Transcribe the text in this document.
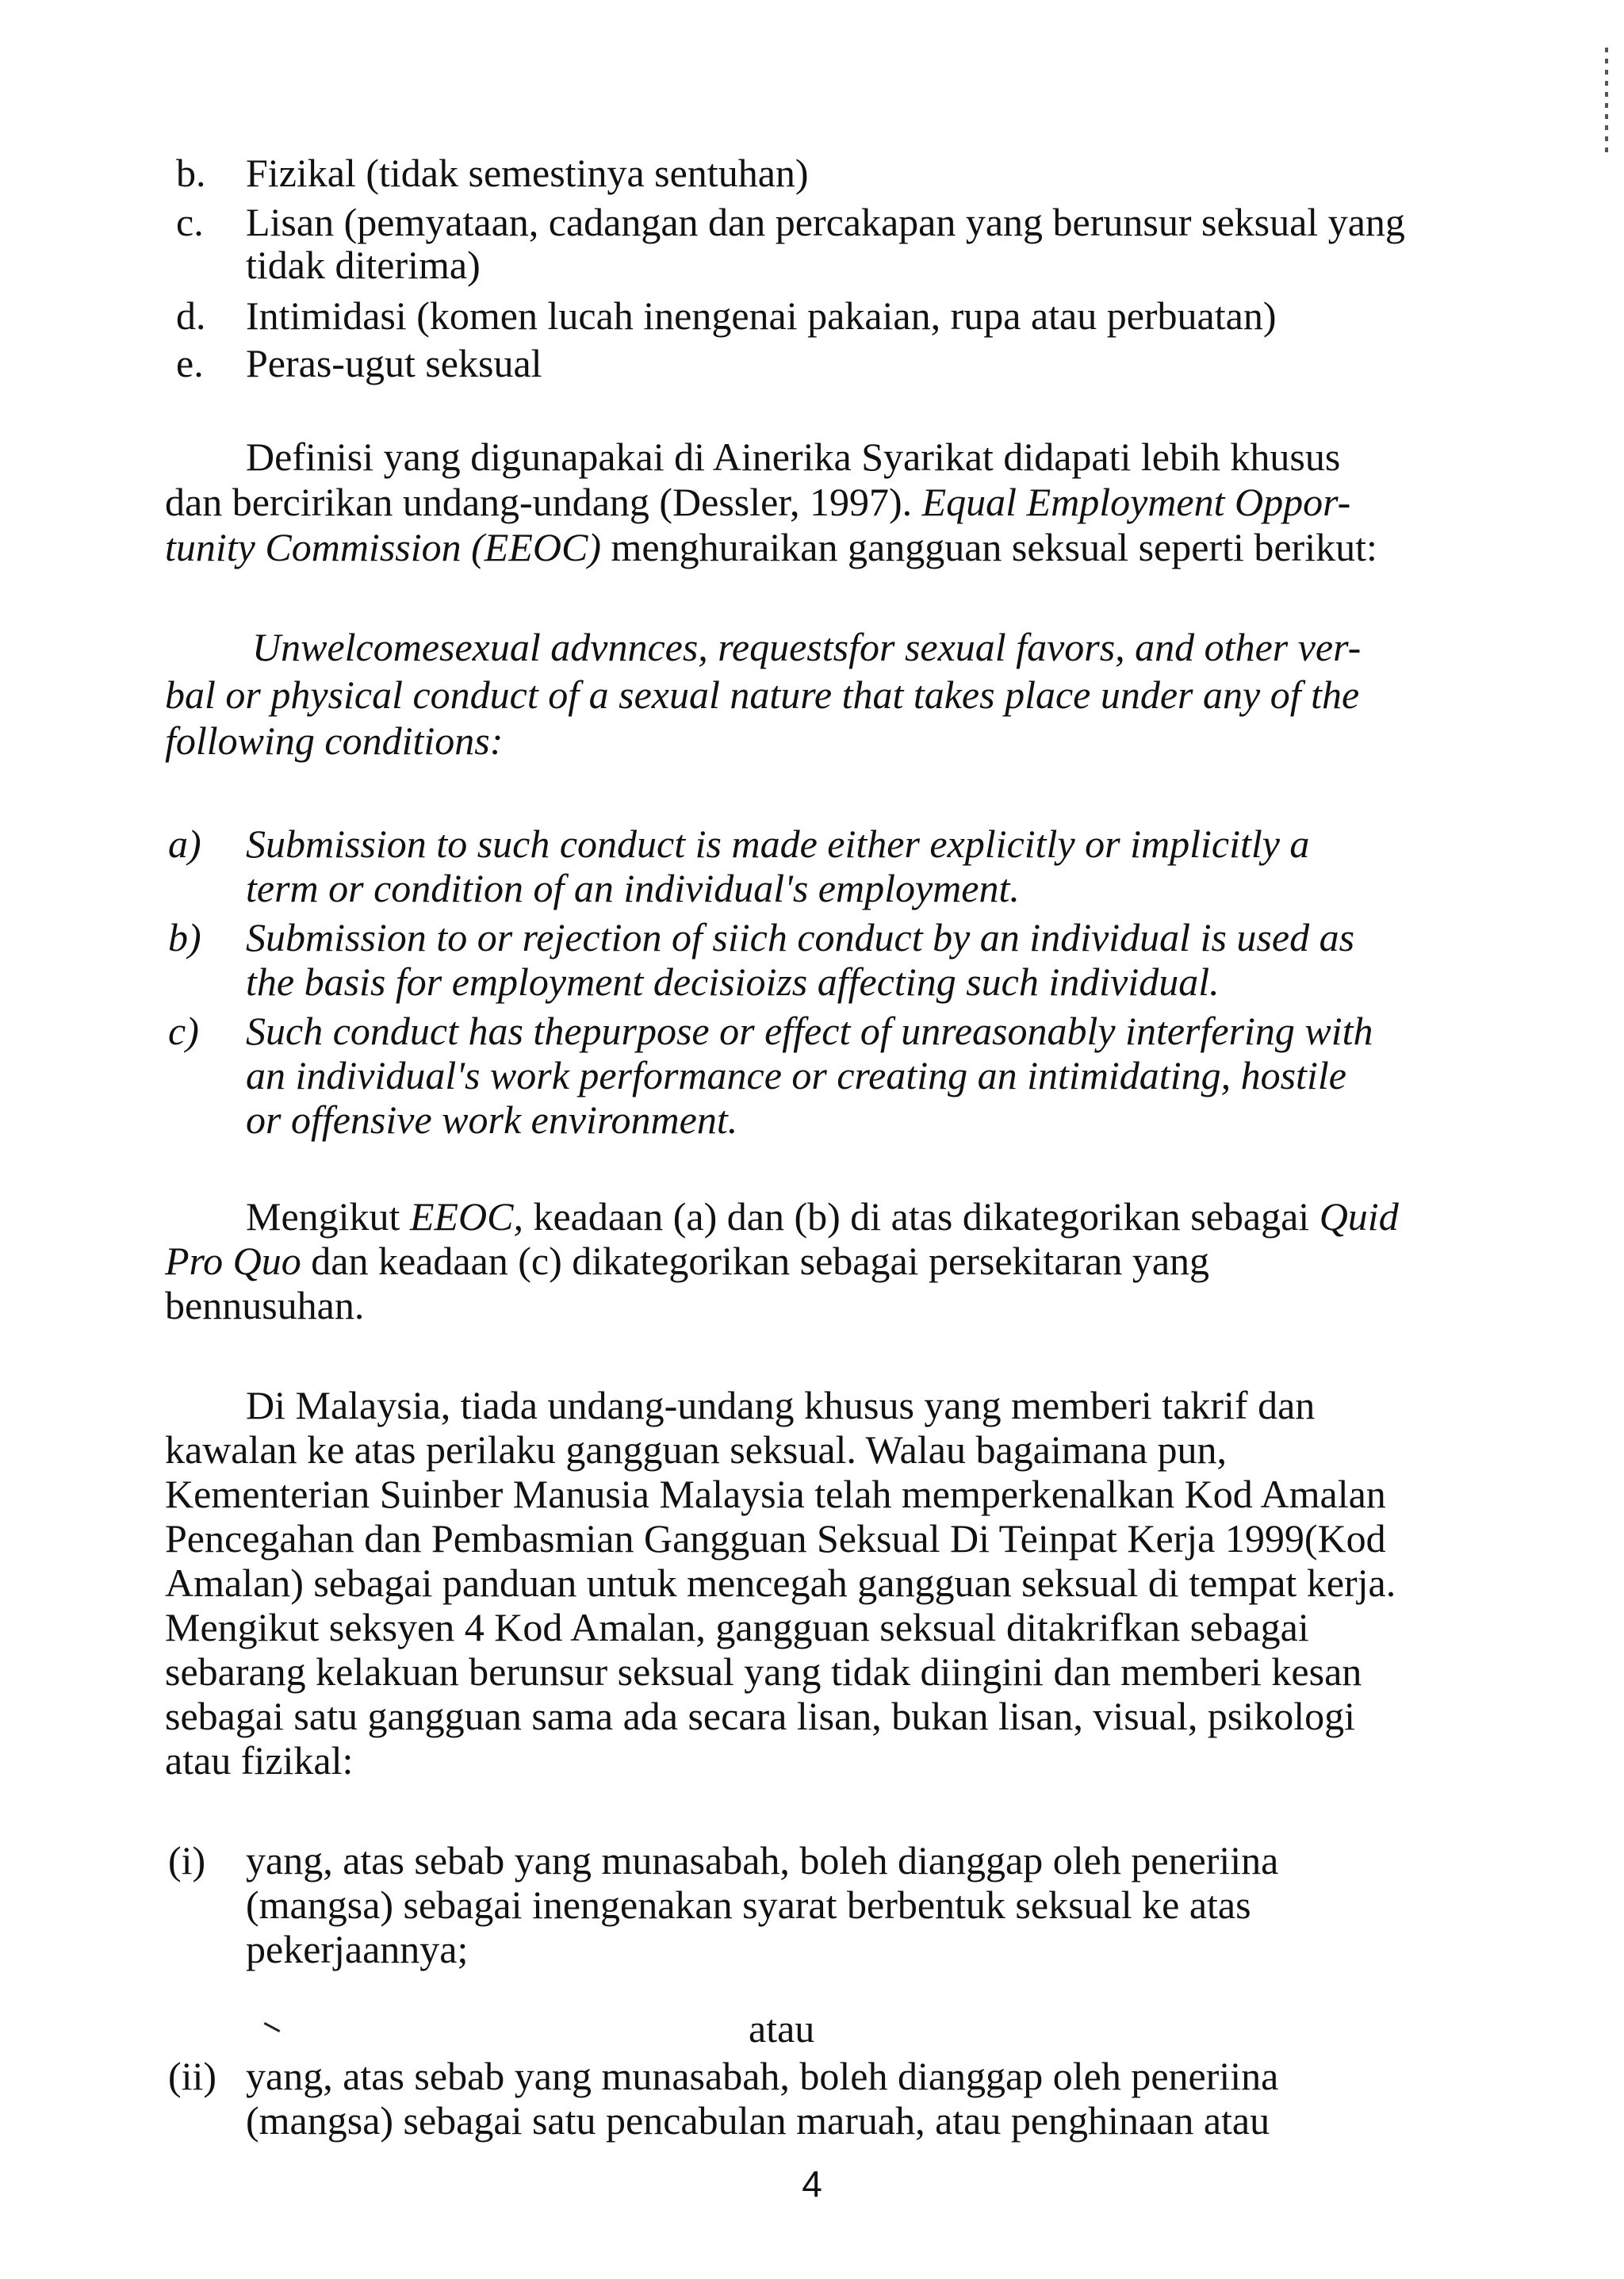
b. Fizikal (tidak semestinya sentuhan)
c. Lisan (pemyataan, cadangan dan percakapan yang berunsur seksual yang
tidak diterima)
d. Intimidasi (komen lucah inengenai pakaian, rupa atau perbuatan)
e. Peras-ugut seksual
Definisi yang digunapakai di Ainerika Syarikat didapati lebih khusus
dan bercirikan undang-undang (Dessler, 1997). Equal Employment Oppor-
tunity Commission (EEOC) menghuraikan gangguan seksual seperti berikut:
Unwelcomesexual advnnces, requestsfor sexual favors, and other ver-
bal or physical conduct of a sexual nature that takes place under any of the
following conditions:
a) Submission to such conduct is made either explicitly or implicitly a
term or condition of an individual's employment.
b) Submission to or rejection of siich conduct by an individual is used as
the basis for employment decisioizs affecting such individual.
c) Such conduct has thepurpose or effect of unreasonably interfering with
an individual's work performance or creating an intimidating, hostile
or offensive work environment.
Mengikut EEOC, keadaan (a) dan (b) di atas dikategorikan sebagai Quid
Pro Quo dan keadaan (c) dikategorikan sebagai persekitaran yang
bennusuhan.
Di Malaysia, tiada undang-undang khusus yang memberi takrif dan
kawalan ke atas perilaku gangguan seksual. Walau bagaimana pun,
Kementerian Suinber Manusia Malaysia telah memperkenalkan Kod Amalan
Pencegahan dan Pembasmian Gangguan Seksual Di Teinpat Kerja 1999(Kod
Amalan) sebagai panduan untuk mencegah gangguan seksual di tempat kerja.
Mengikut seksyen 4 Kod Amalan, gangguan seksual ditakrifkan sebagai
sebarang kelakuan berunsur seksual yang tidak diingini dan memberi kesan
sebagai satu gangguan sama ada secara lisan, bukan lisan, visual, psikologi
atau fizikal:
(i) yang, atas sebab yang munasabah, boleh dianggap oleh peneriina
(mangsa) sebagai inengenakan syarat berbentuk seksual ke atas
pekerjaannya;
atau
(ii) yang, atas sebab yang munasabah, boleh dianggap oleh peneriina
(mangsa) sebagai satu pencabulan maruah, atau penghinaan atau
4
